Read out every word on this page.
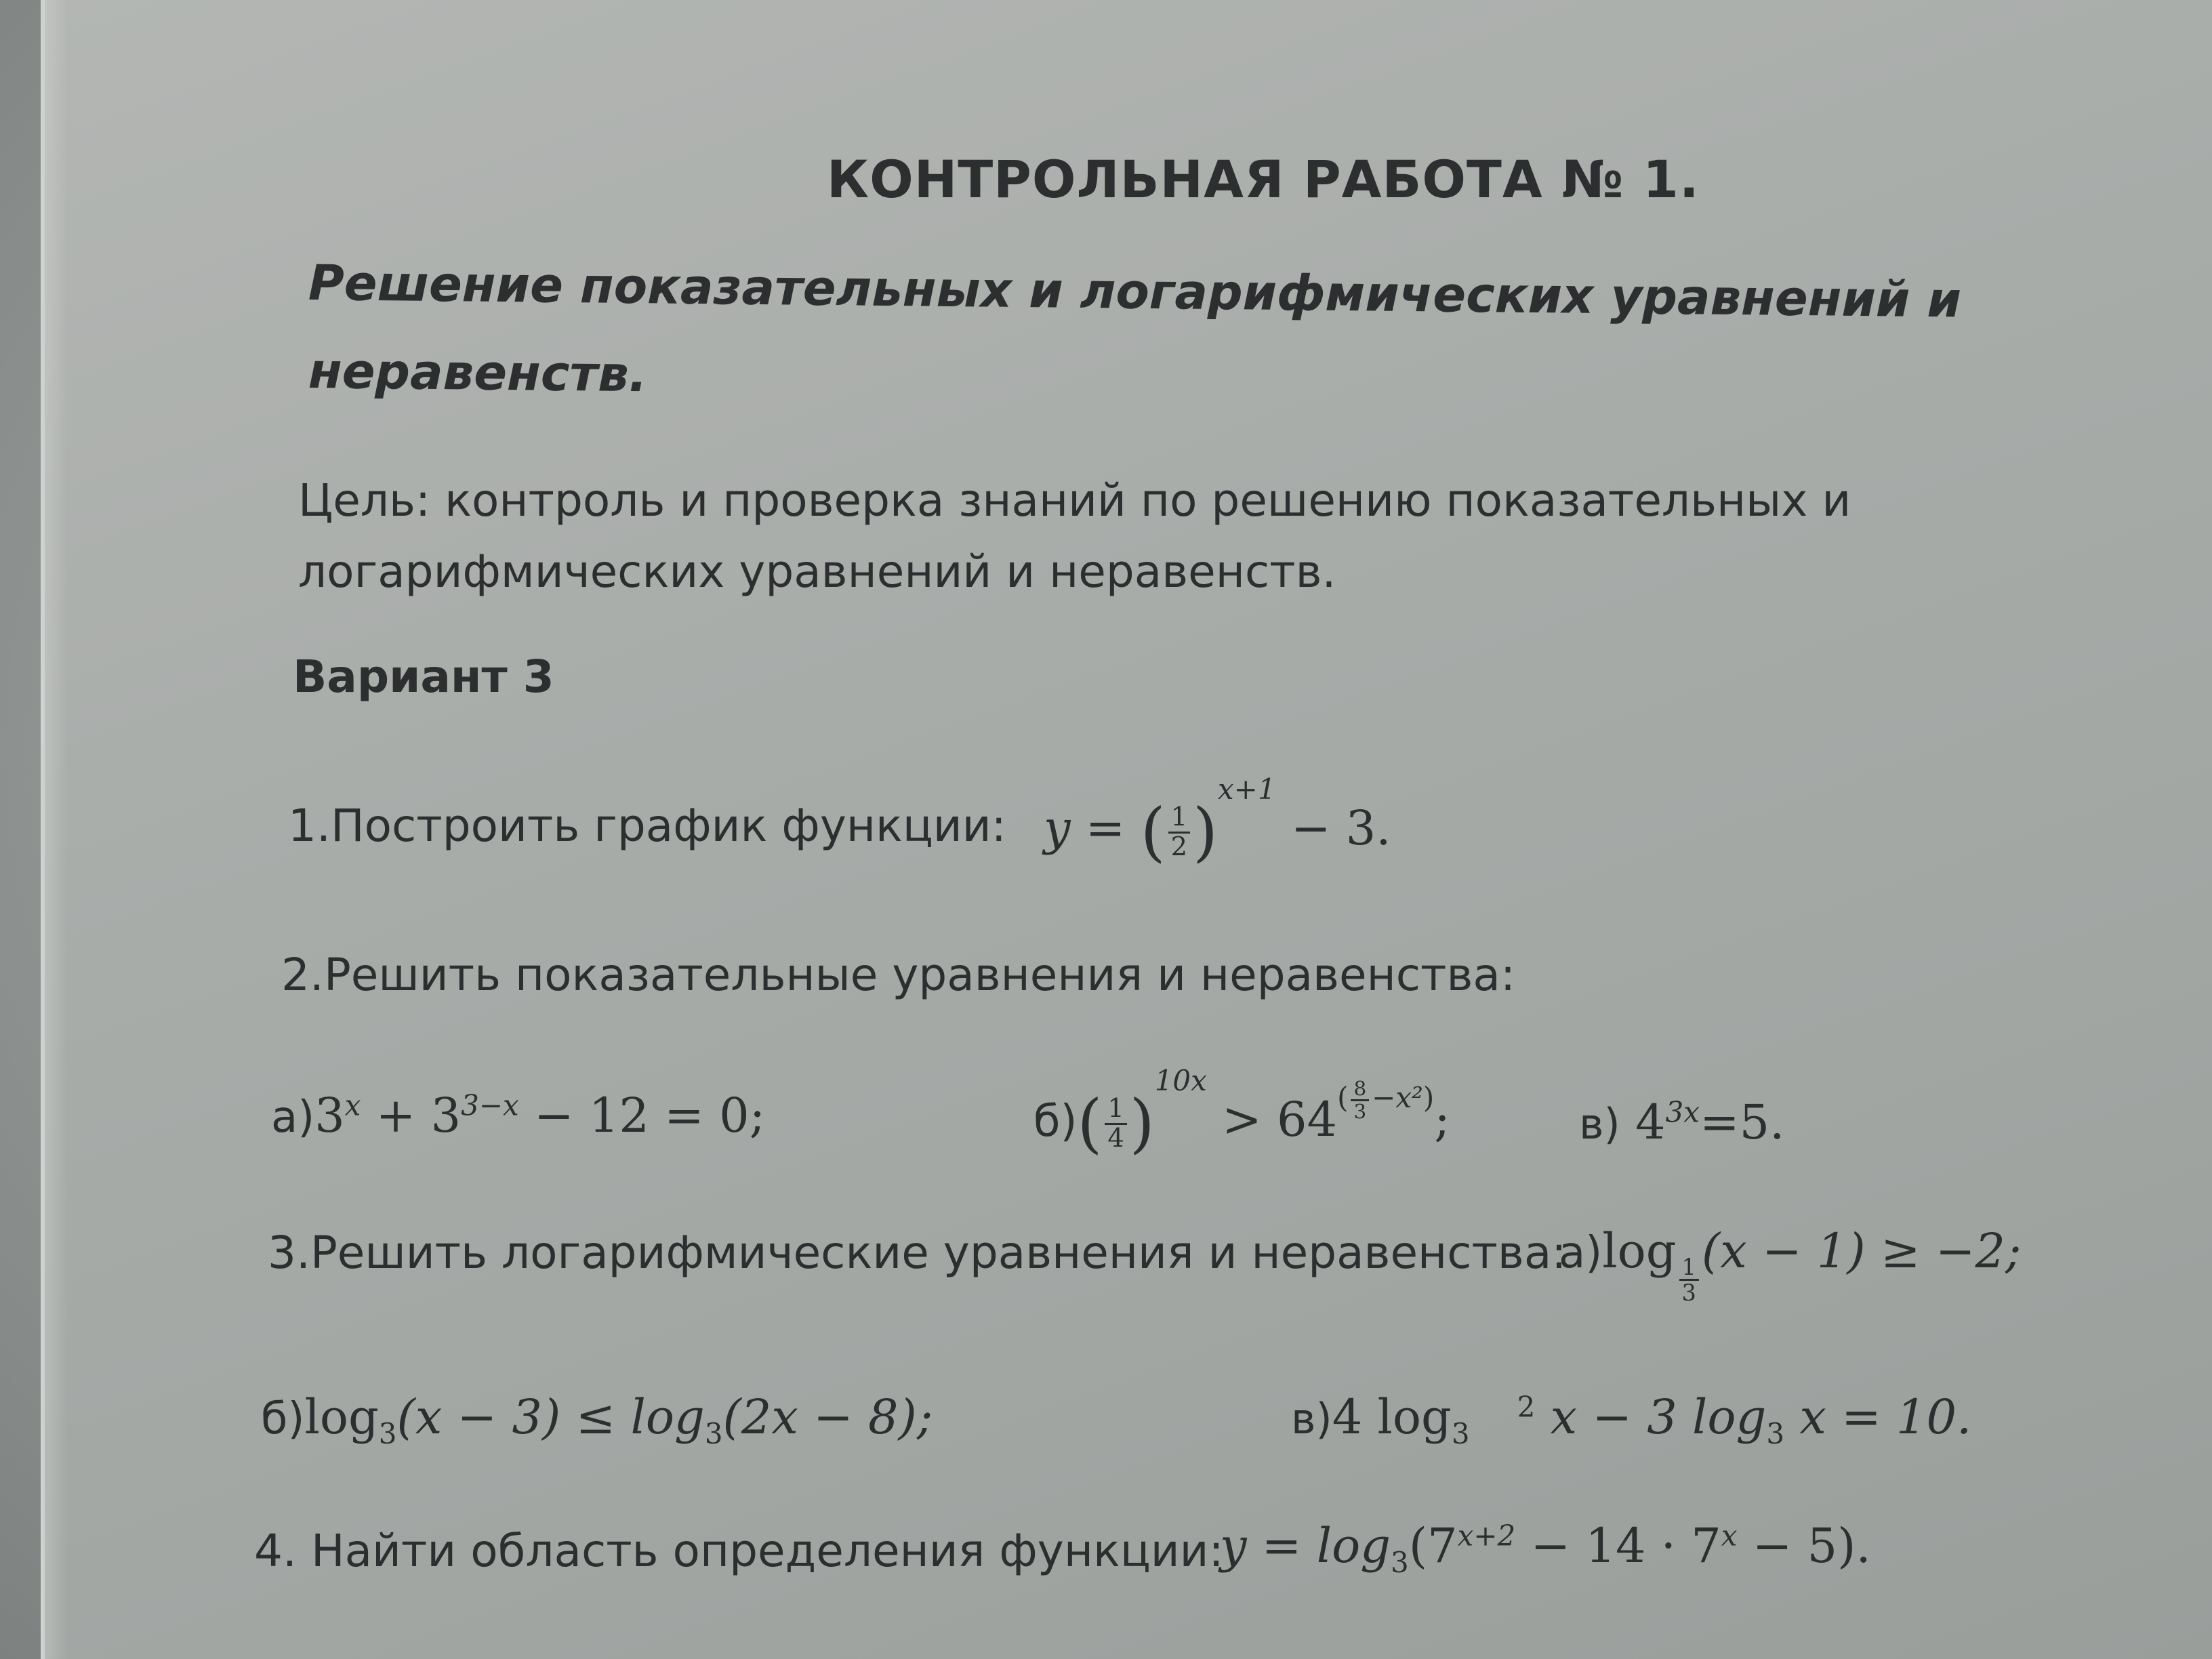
КОНТРОЛЬНАЯ РАБОТА № 1.
Решение показательных и логарифмических уравнений и
неравенств.
Цель: контроль и проверка знаний по решению показательных и
логарифмических уравнений и неравенств.
Вариант 3
1.Построить график функции: y = ( $\frac{1}{2} )^{x+1} - 3$.
2.Решить показательные уравнения и неравенства:
$а)3^x + 3^{3-x} - 12 = 0$;	$б)( \frac{1}{4} )^{10x} > 64^{( \frac{8}{3} -x^2)}$;	в) $4^{3x}=5$.
3.Решить логарифмические уравнения и неравенства:
а)log
$_{\frac{1}{3}}$
(x − 1) ≥ −2;
$б)\log_3(x - 3) \le \log_3(2x - 8)$;	в)4 $\log_3^2 x - 3$ $\log_3 x = 10$.
4. Найти область определения функции:
$y = \log_3(7^{x+2} - 14 \cdot 7^x - 5)$.
